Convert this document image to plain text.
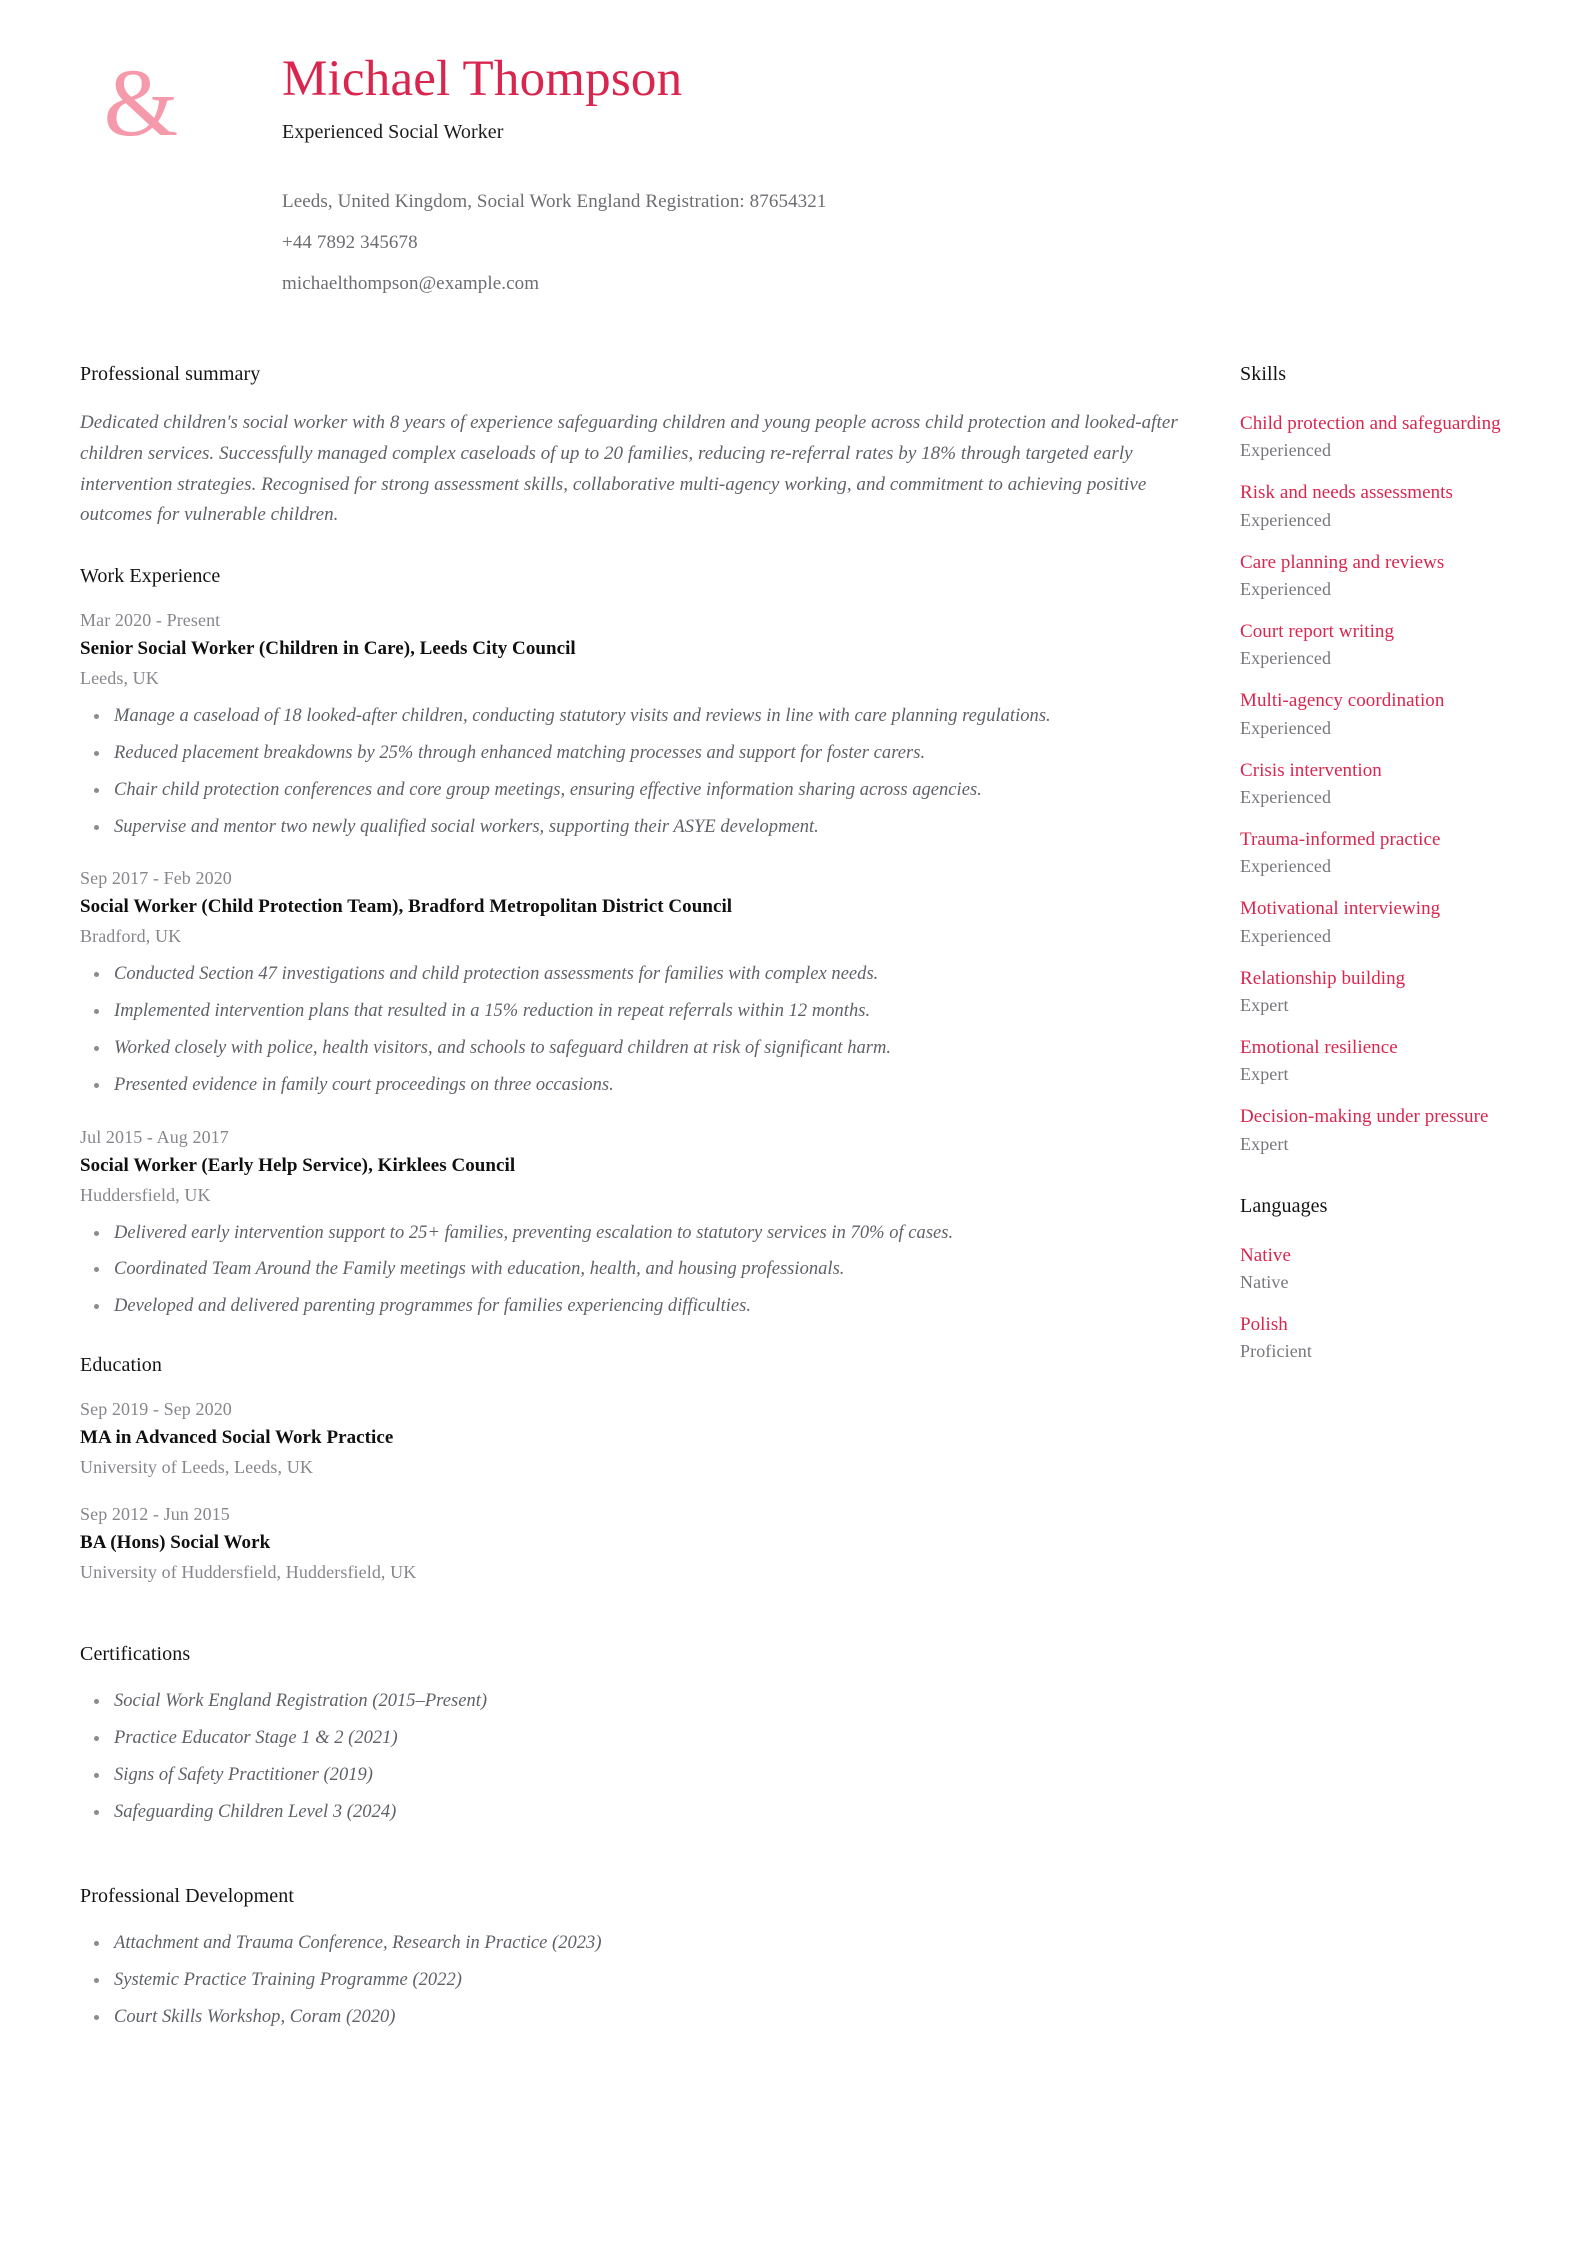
& Michael Thompson
Experienced Social Worker
Leeds, United Kingdom, Social Work England Registration: 87654321
+44 7892 345678
michaelthompson@example.com
Professional summary

Dedicated children's social worker with 8 years of experience safeguarding children and young people across child protection and looked-after children services. Successfully managed complex caseloads of up to 20 families, reducing re-referral rates by 18% through targeted early intervention strategies. Recognised for strong assessment skills, collaborative multi-agency working, and commitment to achieving positive outcomes for vulnerable children.

Work Experience
Mar 2020 - Present
Senior Social Worker (Children in Care), Leeds City Council
Leeds, UK
Manage a caseload of 18 looked-after children, conducting statutory visits and reviews in line with care planning regulations.
Reduced placement breakdowns by 25% through enhanced matching processes and support for foster carers.
Chair child protection conferences and core group meetings, ensuring effective information sharing across agencies.
Supervise and mentor two newly qualified social workers, supporting their ASYE development.
Sep 2017 - Feb 2020
Social Worker (Child Protection Team), Bradford Metropolitan District Council
Bradford, UK
Conducted Section 47 investigations and child protection assessments for families with complex needs.
Implemented intervention plans that resulted in a 15% reduction in repeat referrals within 12 months.
Worked closely with police, health visitors, and schools to safeguard children at risk of significant harm.
Presented evidence in family court proceedings on three occasions.
Jul 2015 - Aug 2017
Social Worker (Early Help Service), Kirklees Council
Huddersfield, UK
Delivered early intervention support to 25+ families, preventing escalation to statutory services in 70% of cases.
Coordinated Team Around the Family meetings with education, health, and housing professionals.
Developed and delivered parenting programmes for families experiencing difficulties.
Education
Sep 2019 - Sep 2020
MA in Advanced Social Work Practice
University of Leeds, Leeds, UK
Sep 2012 - Jun 2015
BA (Hons) Social Work
University of Huddersfield, Huddersfield, UK
Certifications
Social Work England Registration (2015–Present)
Practice Educator Stage 1 & 2 (2021)
Signs of Safety Practitioner (2019)
Safeguarding Children Level 3 (2024)
Professional Development
Attachment and Trauma Conference, Research in Practice (2023)
Systemic Practice Training Programme (2022)
Court Skills Workshop, Coram (2020)
Skills
Child protection and safeguarding
Experienced
Risk and needs assessments
Experienced
Care planning and reviews
Experienced
Court report writing
Experienced
Multi-agency coordination
Experienced
Crisis intervention
Experienced
Trauma-informed practice
Experienced
Motivational interviewing
Experienced
Relationship building
Expert
Emotional resilience
Expert
Decision-making under pressure
Expert
Languages
Native
Native
Polish
Proficient
